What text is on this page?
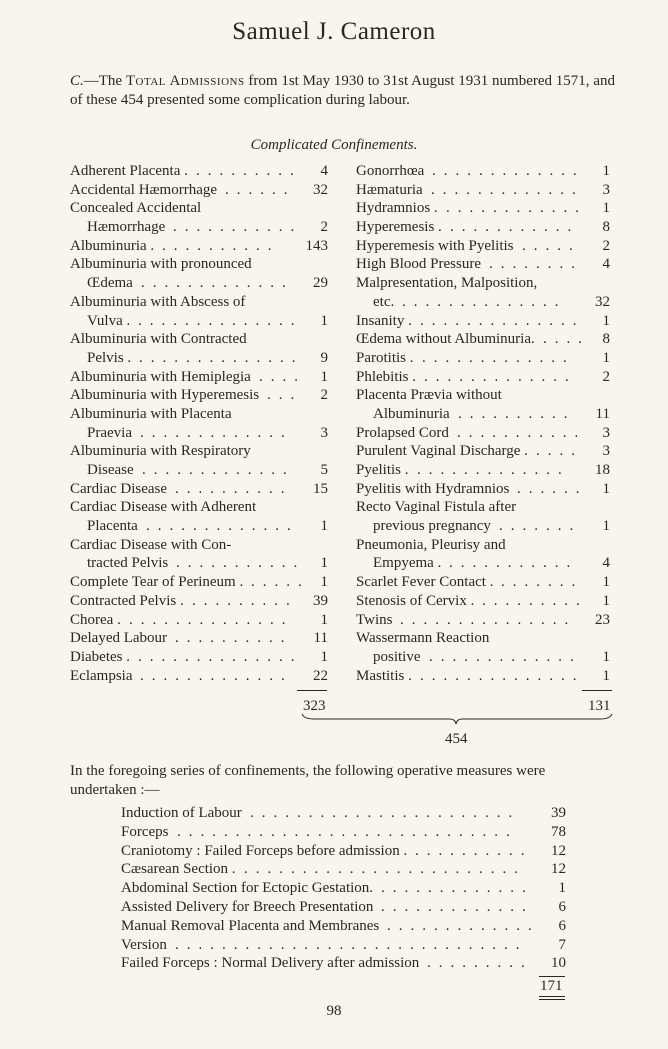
Samuel J. Cameron
C.—The Total Admissions from 1st May 1930 to 31st August 1931 numbered 1571, and of these 454 presented some complication during labour.
Complicated Confinements.
Adherent Placenta .	4
.........
Accidental Hæmorrhage	32
......
Concealed Accidental
Hæmorrhage	2
...........
Albuminuria .	143
..........
Albuminuria with pronounced
Œdema	29
.............
Albuminuria with Abscess of
Vulva .	1
..............
Albuminuria with Contracted
Pelvis .	9
..............
Albuminuria with Hemiplegia	1
....
Albuminuria with Hyperemesis	2
...
Albuminuria with Placenta
Praevia	3
.............
Albuminuria with Respiratory
Disease	5
.............
Cardiac Disease	15
..........
Cardiac Disease with Adherent
Placenta	1
.............
Cardiac Disease with Con-
tracted Pelvis	1
...........
Complete Tear of Perineum .	1
.....
Contracted Pelvis .	39
.........
Chorea .	1
..............
Delayed Labour	11
..........
Diabetes .	1
..............
Eclampsia	22
.............
Gonorrhœa	1
.............
Hæmaturia	3
.............
Hydramnios .	1
............
Hyperemesis .	8
...........
Hyperemesis with Pyelitis	2
.....
High Blood Pressure	4
........
Malpresentation, Malposition,
etc.	32
..............
Insanity .	1
..............
Œdema without Albuminuria.	8
....
Parotitis .	1
.............
Phlebitis .	2
.............
Placenta Prævia without
Albuminuria	11
..........
Prolapsed Cord	3
...........
Purulent Vaginal Discharge .	3
....
Pyelitis .	18
.............
Pyelitis with Hydramnios	1
......
Recto Vaginal Fistula after
previous pregnancy	1
.......
Pneumonia, Pleurisy and
Empyema .	4
...........
Scarlet Fever Contact .	1
.......
Stenosis of Cervix .	1
.........
Twins	23
...............
Wassermann Reaction
positive	1
.............
Mastitis .	1
..............
323	131
454
In the foregoing series of confinements, the following operative measures were undertaken :—
Induction of Labour	39
.......................
Forceps	78
.............................
Craniotomy : Failed Forceps before admission .	12
..........
Cæsarean Section .	12
........................
Abdominal Section for Ectopic Gestation.	1
.............
Assisted Delivery for Breech Presentation	6
.............
Manual Removal Placenta and Membranes	6
.............
Version	7
..............................
Failed Forceps : Normal Delivery after admission	10
.........
171
98
